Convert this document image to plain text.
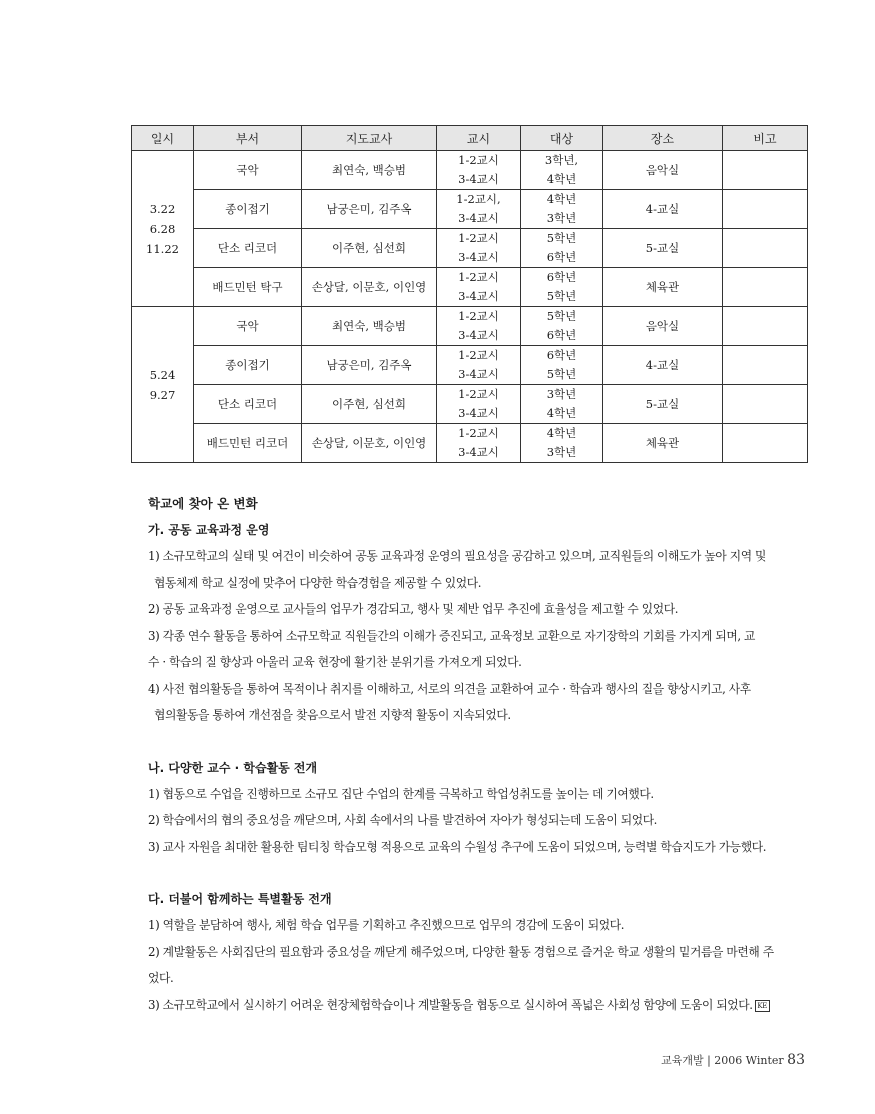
일시	부서	지도교사	교시	대상	장소	비고

3.22
6.28
11.22	국악	최연숙, 백승범	1-2교시	3학년,	음악실	
			3-4교시	4학년		
	종이접기	남궁은미, 김주옥	1-2교시,	4학년	4-교실	
			3-4교시	3학년		
	단소 리코더	이주현, 심선희	1-2교시	5학년	5-교실	
			3-4교시	6학년		
	배드민턴 탁구	손상달, 이문호, 이인영	1-2교시	6학년	체육관	
			3-4교시	5학년		

5.24
9.27	국악	최연숙, 백승범	1-2교시	5학년	음악실	
			3-4교시	6학년		
	종이접기	남궁은미, 김주옥	1-2교시	6학년	4-교실	
			3-4교시	5학년		
	단소 리코더	이주현, 심선희	1-2교시	3학년	5-교실	
			3-4교시	4학년		
	배드민턴 리코더	손상달, 이문호, 이인영	1-2교시	4학년	체육관	
			3-4교시	3학년		
학교에 찾아 온 변화
가. 공동 교육과정 운영
1) 소규모학교의 실태 및 여건이 비슷하여 공동 교육과정 운영의 필요성을 공감하고 있으며, 교직원들의 이해도가 높아 지역 및
협동체제 학교 실정에 맞추어 다양한 학습경험을 제공할 수 있었다.
2) 공동 교육과정 운영으로 교사들의 업무가 경감되고, 행사 및 제반 업무 추진에 효율성을 제고할 수 있었다.
3) 각종 연수 활동을 통하여 소규모학교 직원들간의 이해가 증진되고, 교육정보 교환으로 자기장학의 기회를 가지게 되며, 교
수 · 학습의 질 향상과 아울러 교육 현장에 활기찬 분위기를 가져오게 되었다.
4) 사전 협의활동을 통하여 목적이나 취지를 이해하고, 서로의 의견을 교환하여 교수 · 학습과 행사의 질을 향상시키고, 사후
협의활동을 통하여 개선점을 찾음으로서 발전 지향적 활동이 지속되었다.
나. 다양한 교수 · 학습활동 전개
1) 협동으로 수업을 진행하므로 소규모 집단 수업의 한계를 극복하고 학업성취도를 높이는 데 기여했다.
2) 학습에서의 협의 중요성을 깨닫으며, 사회 속에서의 나를 발견하여 자아가 형성되는데 도움이 되었다.
3) 교사 자원을 최대한 활용한 팀티칭 학습모형 적용으로 교육의 수월성 추구에 도움이 되었으며, 능력별 학습지도가 가능했다.
다. 더불어 함께하는 특별활동 전개
1) 역할을 분담하여 행사, 체험 학습 업무를 기획하고 추진했으므로 업무의 경감에 도움이 되었다.
2) 계발활동은 사회집단의 필요함과 중요성을 깨닫게 해주었으며, 다양한 활동 경험으로 즐거운 학교 생활의 밑거름을 마련해 주
었다.
3) 소규모학교에서 실시하기 어려운 현장체험학습이나 계발활동을 협동으로 실시하여 폭넓은 사회성 함양에 도움이 되었다. KE
교육개발 | 2006 Winter 83
